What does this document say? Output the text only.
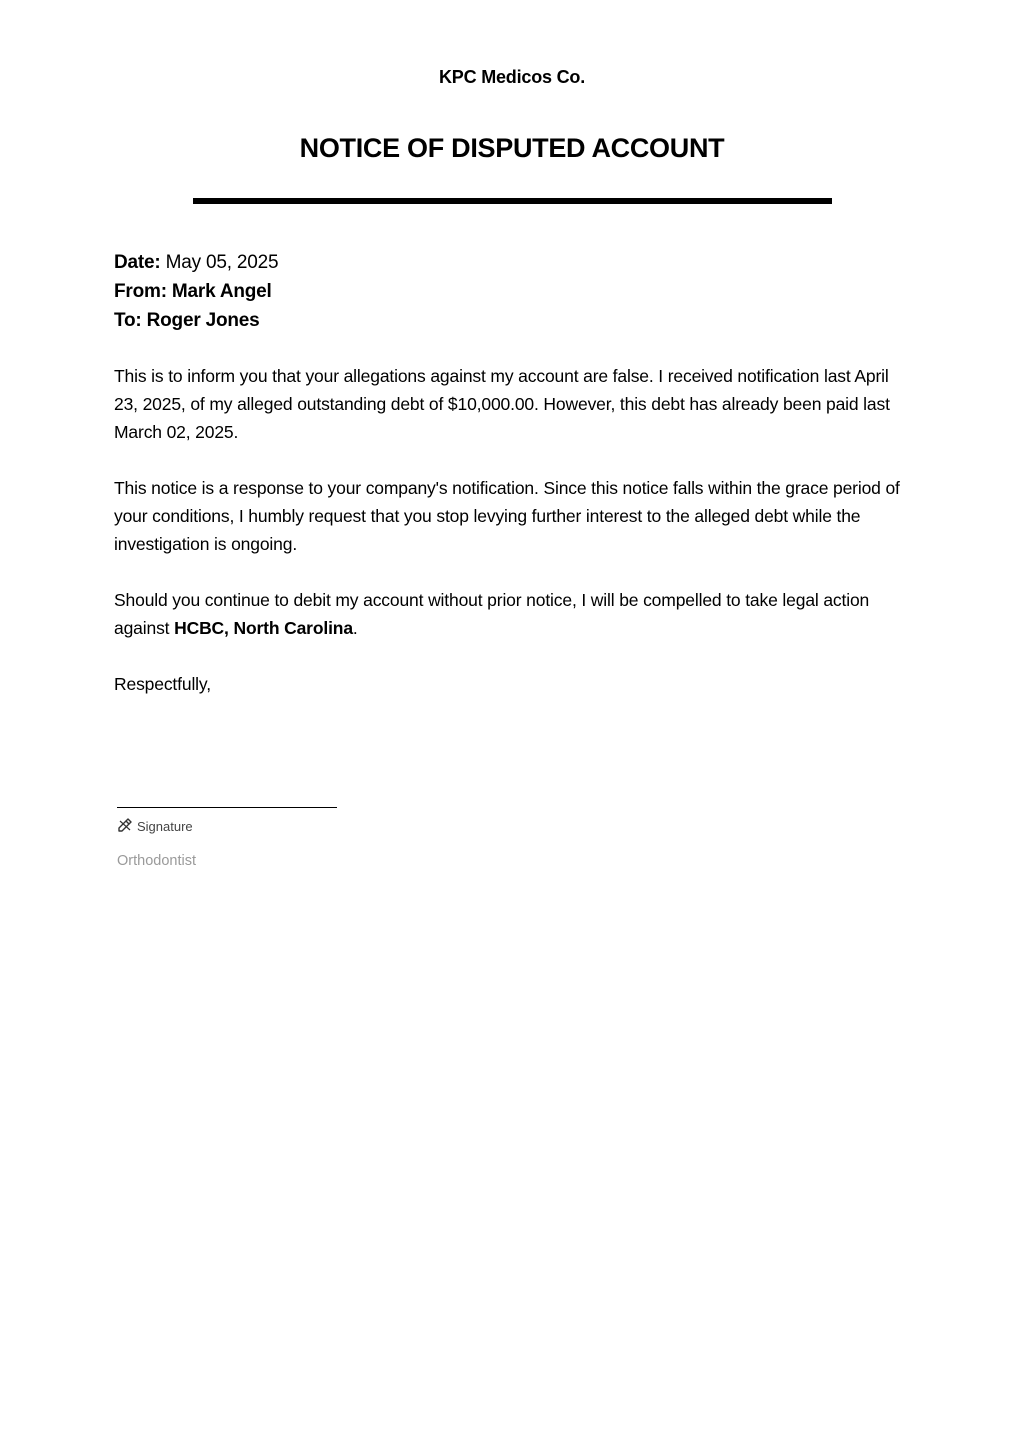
KPC Medicos Co.
NOTICE OF DISPUTED ACCOUNT
Date: May 05, 2025
From: Mark Angel
To: Roger Jones

This is to inform you that your allegations against my account are false. I received notification last April 23, 2025, of my alleged outstanding debt of $10,000.00. However, this debt has already been paid last March 02, 2025.

This notice is a response to your company's notification. Since this notice falls within the grace period of your conditions, I humbly request that you stop levying further interest to the alleged debt while the investigation is ongoing.

Should you continue to debit my account without prior notice, I will be compelled to take legal action against HCBC, North Carolina.

Respectfully,

Signature
Orthodontist
